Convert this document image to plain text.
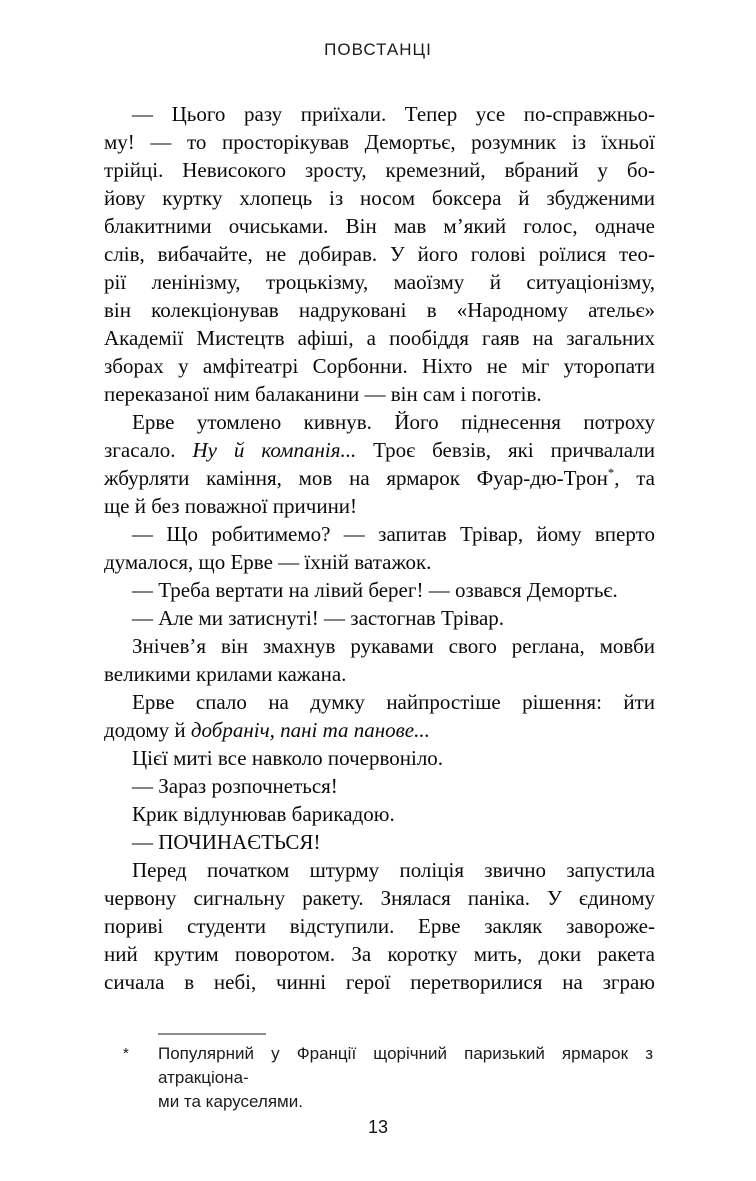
ПОВСТАНЦІ
— Цього разу приїхали. Тепер усе по-справжньо-
му! — то просторікував Демортьє, розумник із їхньої
трійці. Невисокого зросту, кремезний, вбраний у бо-
йову куртку хлопець із носом боксера й збудженими
блакитними очиськами. Він мав м’який голос, одначе
слів, вибачайте, не добирав. У його голові роїлися тео-
рії ленінізму, троцькізму, маоїзму й ситуаціонізму,
він колекціонував надруковані в «Народному ательє»
Академії Мистецтв афіші, а пообіддя гаяв на загальних
зборах у амфітеатрі Сорбонни. Ніхто не міг уторопати
переказаної ним балаканини — він сам і поготів.
Ерве утомлено кивнув. Його піднесення потроху
згасало. Ну й компанія... Троє бевзів, які причвалали
жбурляти каміння, мов на ярмарок Фуар-дю-Трон*, та
ще й без поважної причини!
— Що робитимемо? — запитав Трівар, йому вперто
думалося, що Ерве — їхній ватажок.
— Треба вертати на лівий берег! — озвався Демортьє.
— Але ми затиснуті! — застогнав Трівар.
Знічев’я він змахнув рукавами свого реглана, мовби
великими крилами кажана.
Ерве спало на думку найпростіше рішення: йти
додому й добраніч, пані та панове...
Цієї миті все навколо почервоніло.
— Зараз розпочнеться!
Крик відлунював барикадою.
— ПОЧИНАЄТЬСЯ!
Перед початком штурму поліція звично запустила
червону сигнальну ракету. Знялася паніка. У єдиному
пориві студенти відступили. Ерве закляк завороже-
ний крутим поворотом. За коротку мить, доки ракета
сичала в небі, чинні герої перетворилися на зграю
*	Популярний у Франції щорічний паризький ярмарок з атракціона-
ми та каруселями.
13
